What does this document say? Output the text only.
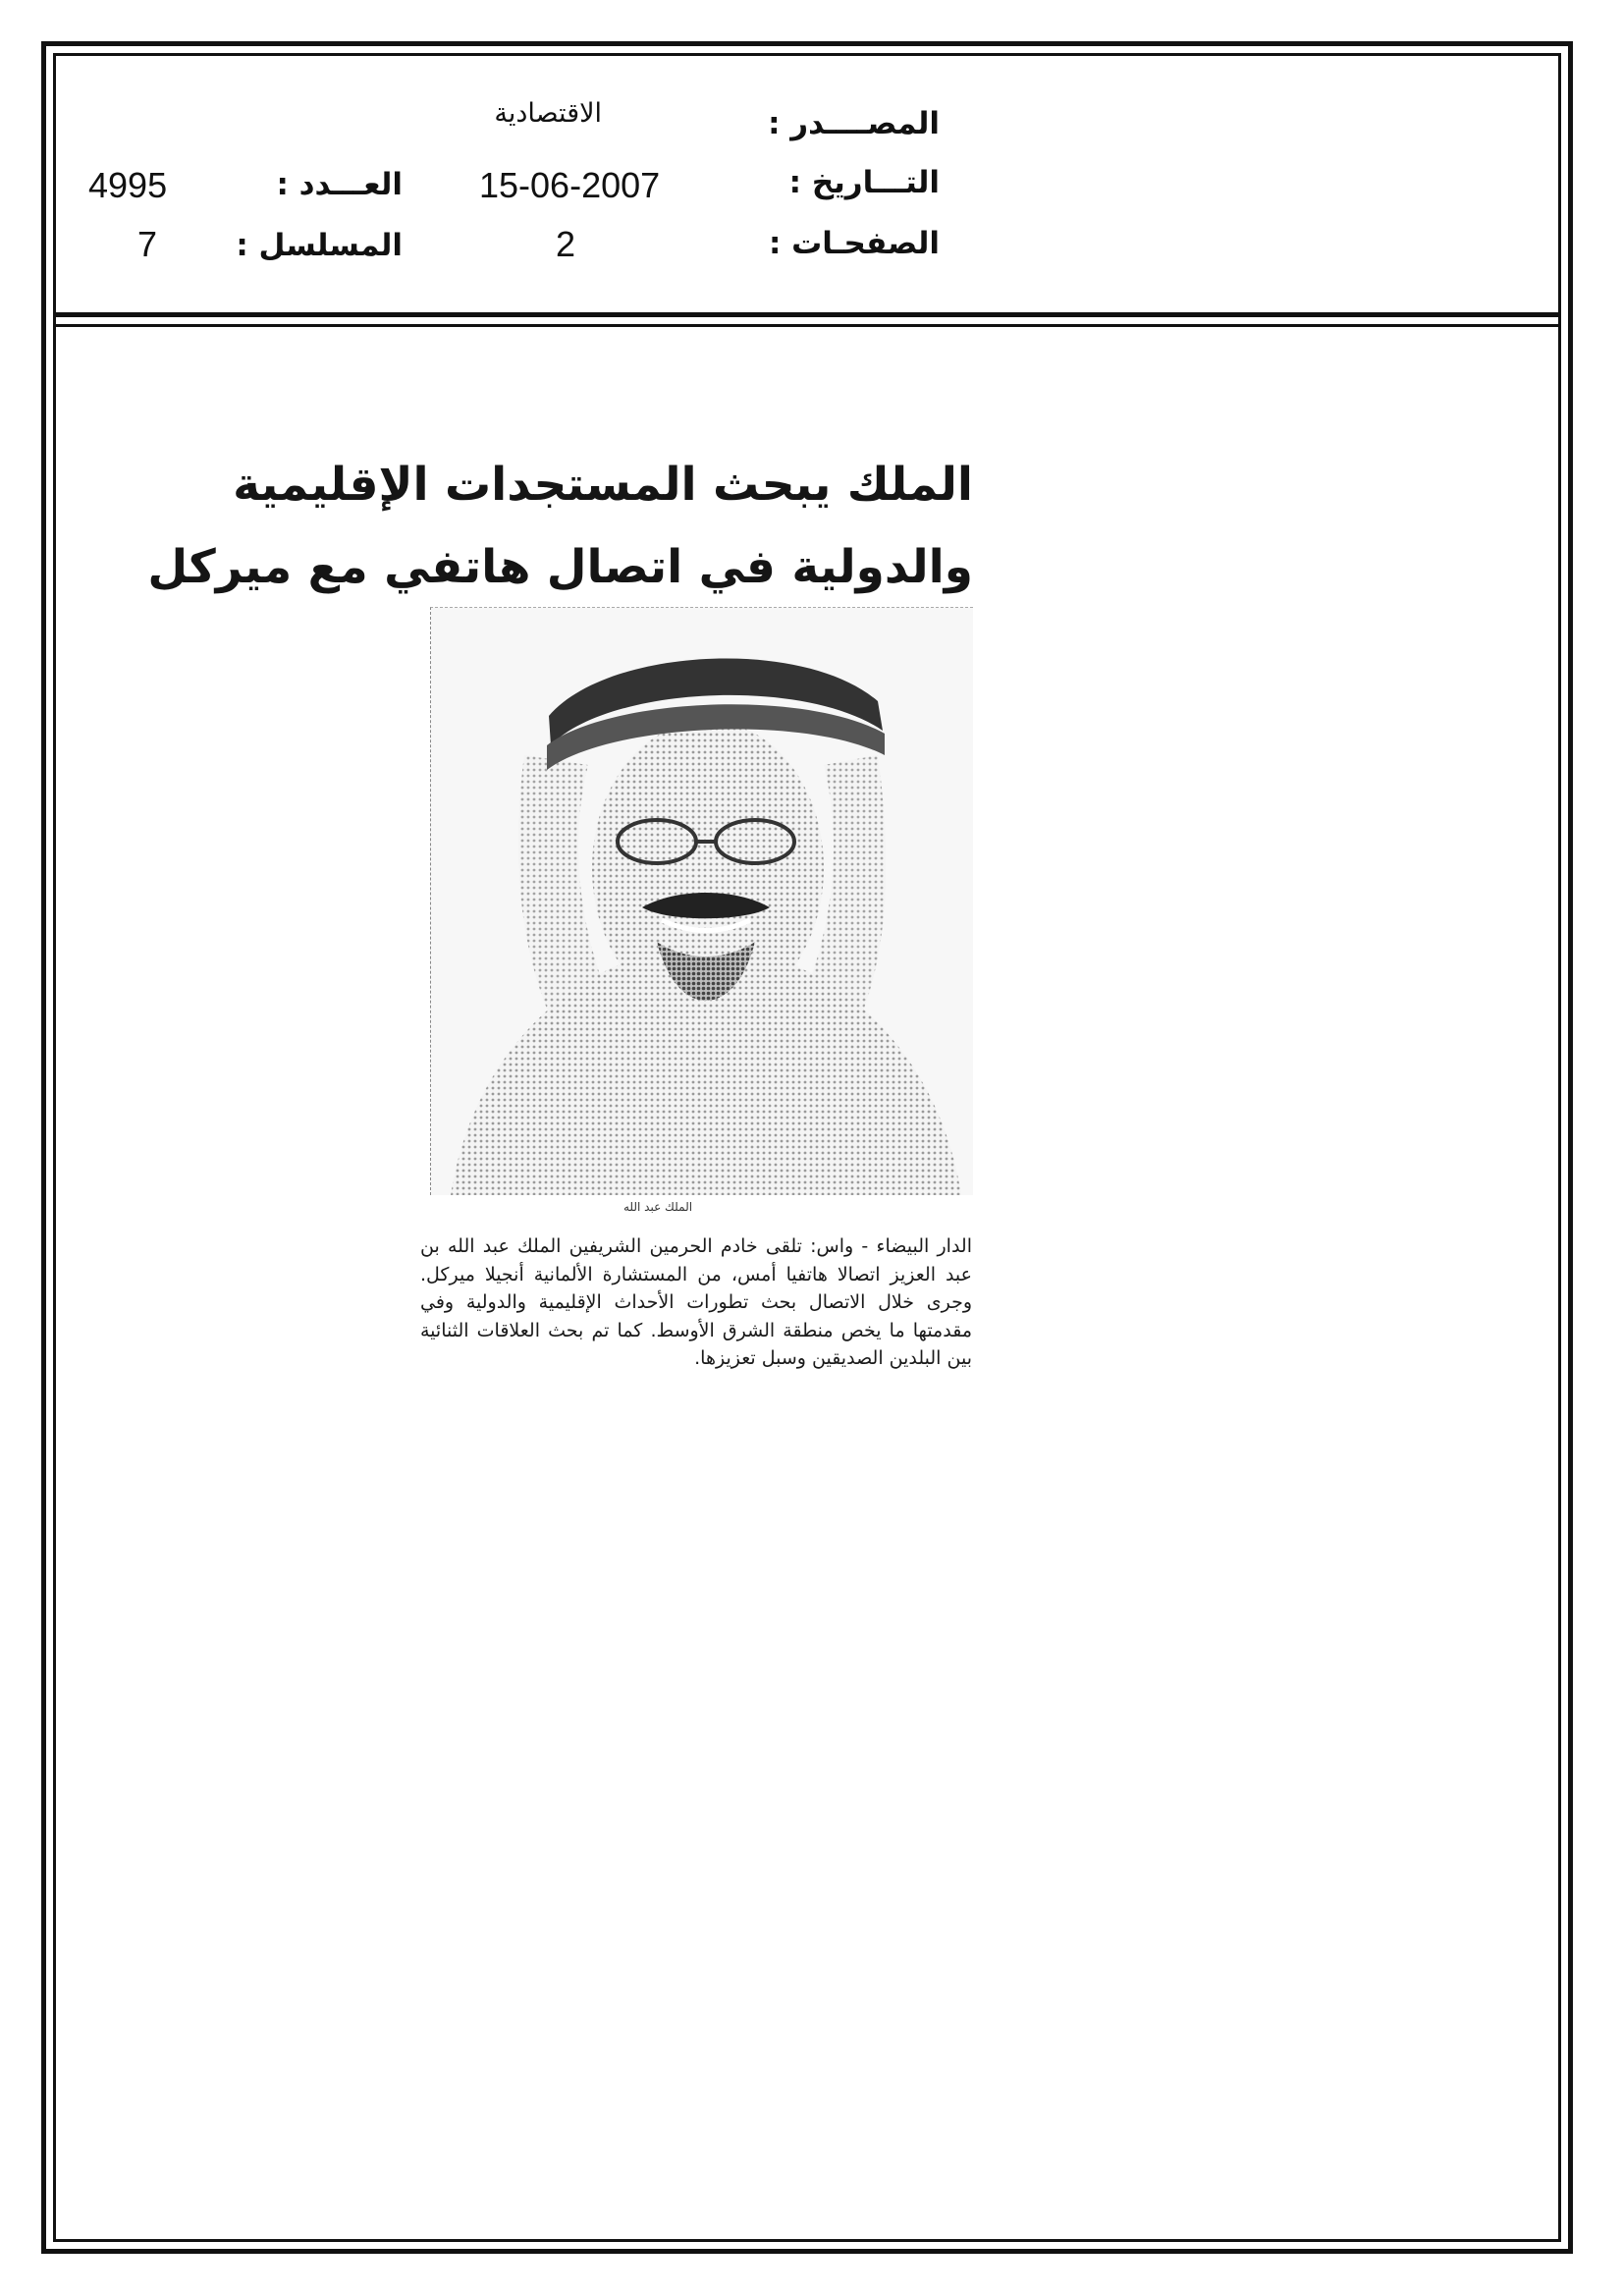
المصــــدر :
الاقتصادية
التـــاريخ :
15-06-2007
العـــدد :
4995
الصفحـات :
2
المسلسل :
7
الملك يبحث المستجدات الإقليمية
والدولية في اتصال هاتفي مع ميركل
الملك عبد الله
الدار البيضاء - واس: تلقى خادم الحرمين الشريفين الملك عبد الله بن عبد العزيز اتصالا هاتفيا أمس، من المستشارة الألمانية أنجيلا ميركل. وجرى خلال الاتصال بحث تطورات الأحداث الإقليمية والدولية وفي مقدمتها ما يخص منطقة الشرق الأوسط. كما تم بحث العلاقات الثنائية بين البلدين الصديقين وسبل تعزيزها.
